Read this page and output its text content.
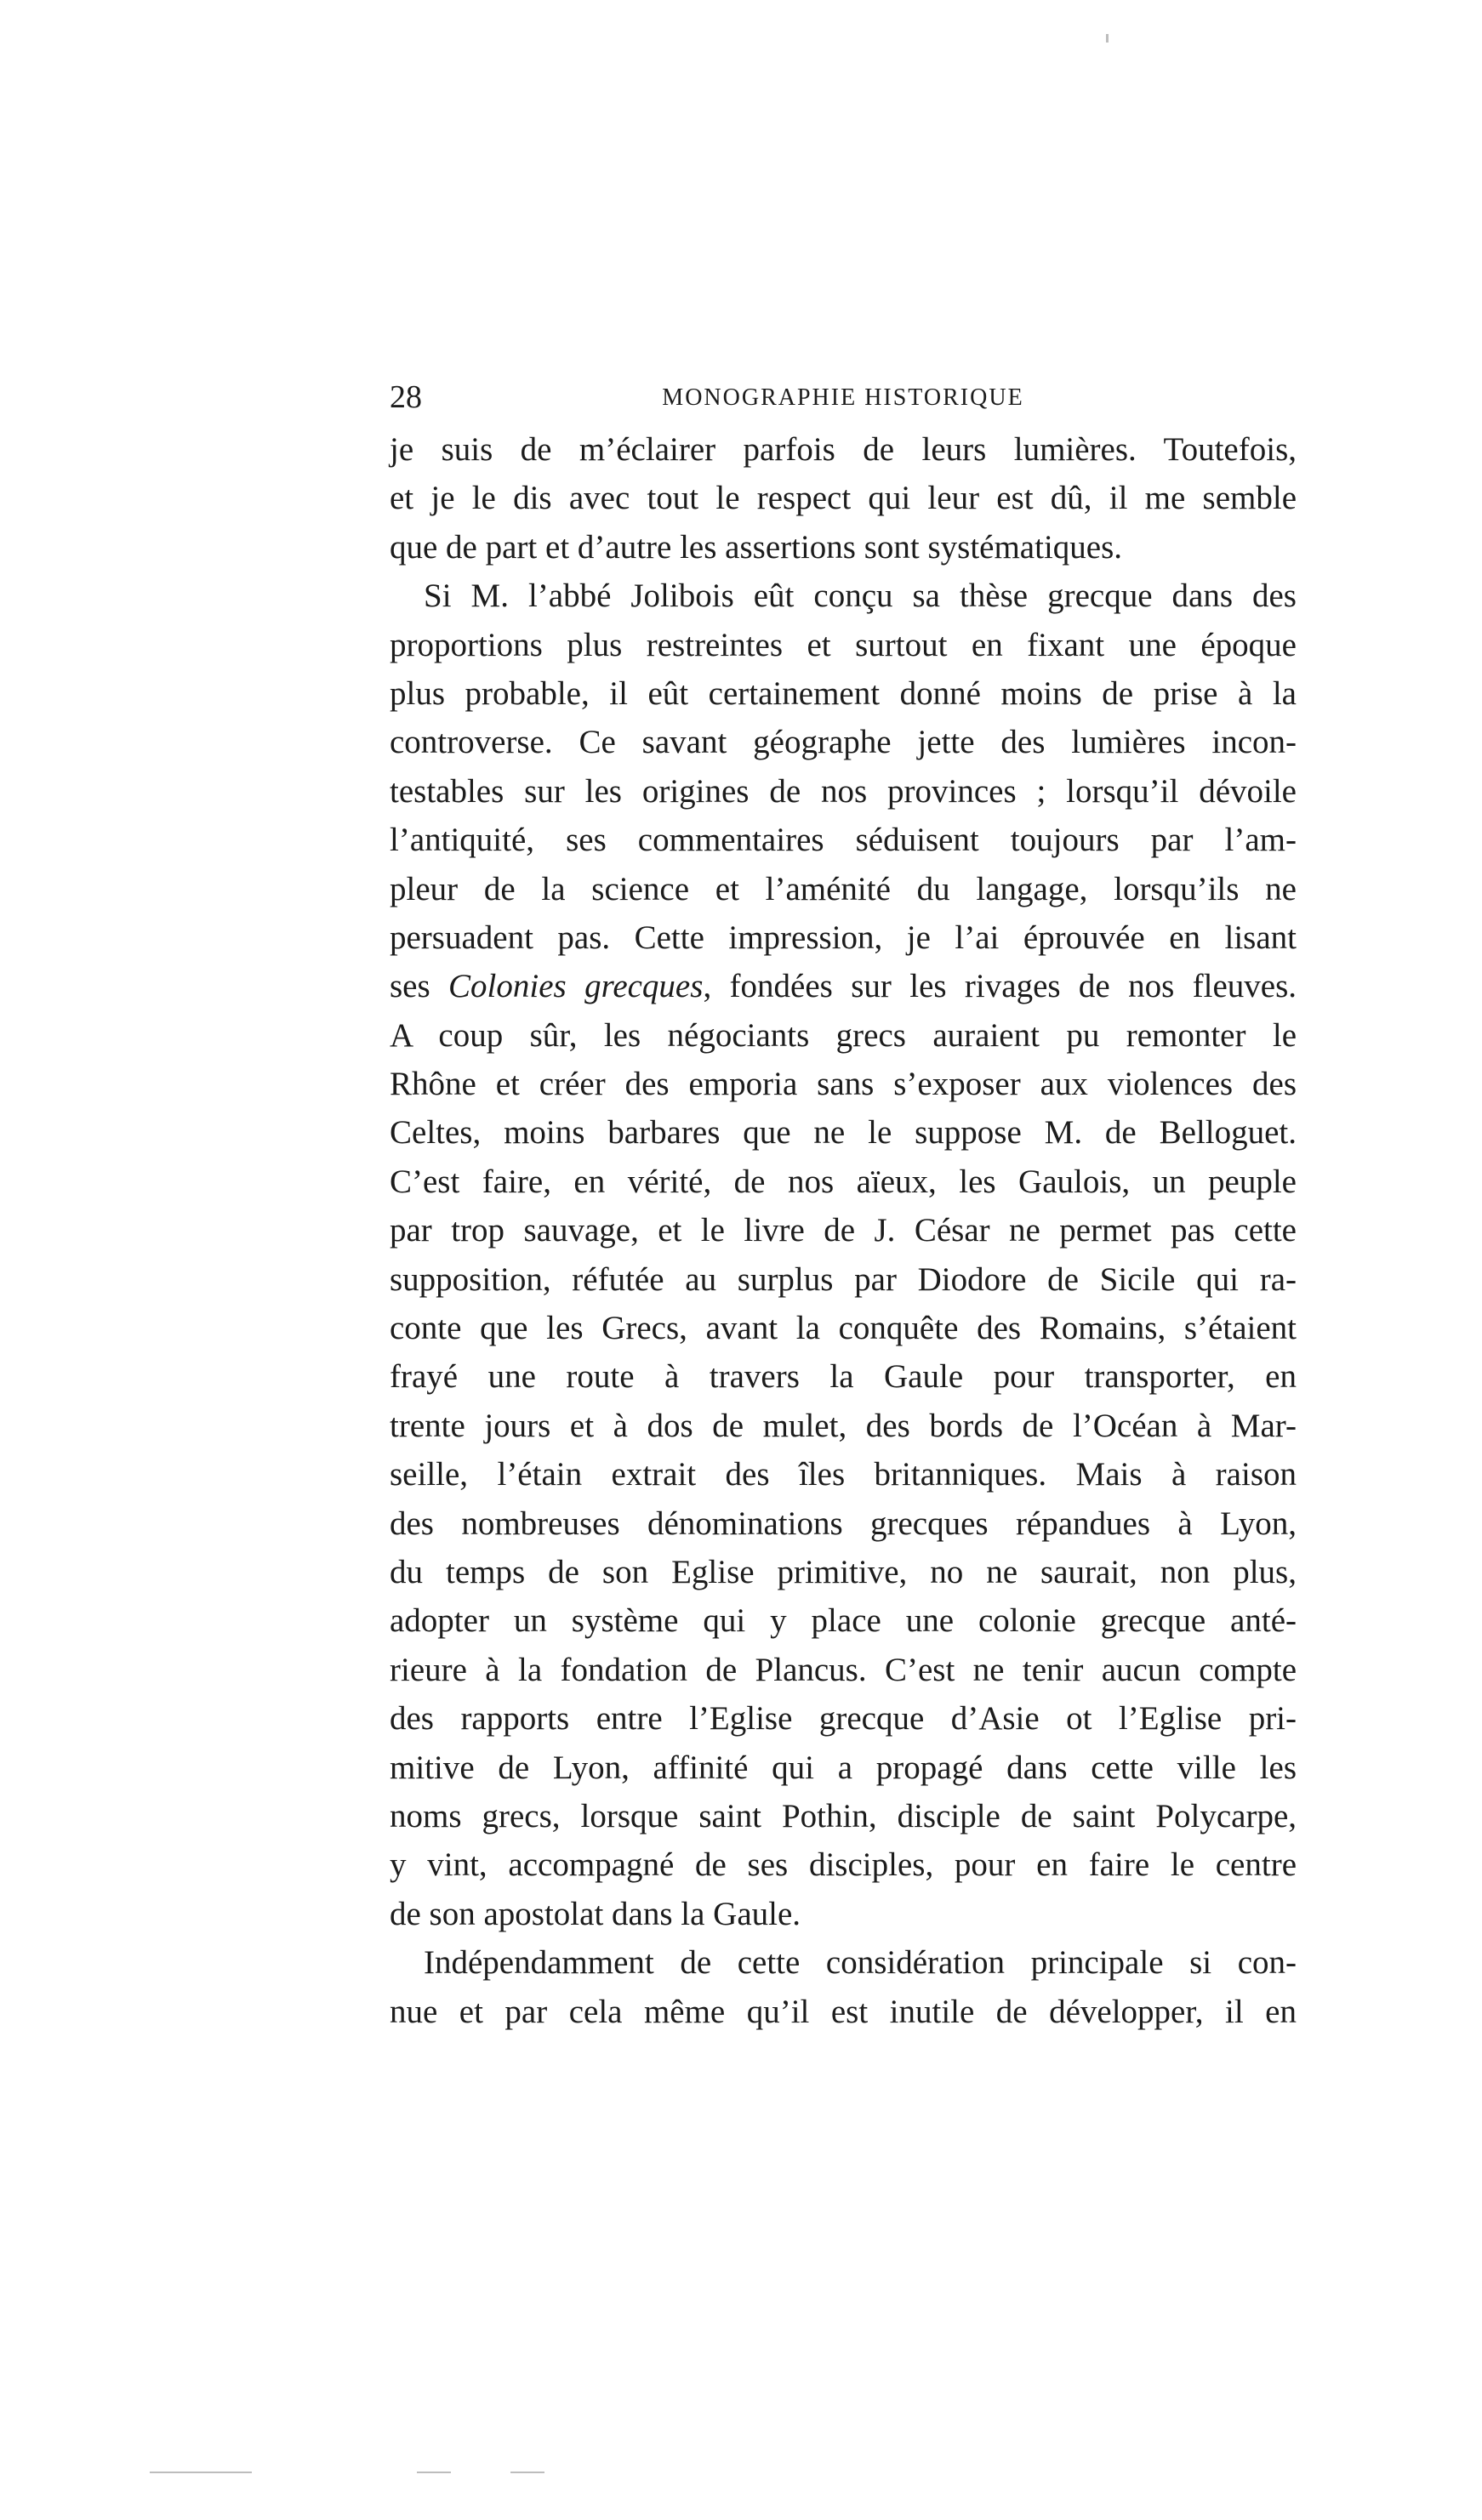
28	MONOGRAPHIE HISTORIQUE
je suis de m’éclairer parfois de leurs lumières. Toutefois,
et je le dis avec tout le respect qui leur est dû, il me semble
que de part et d’autre les assertions sont systématiques.
Si M. l’abbé Jolibois eût conçu sa thèse grecque dans des
proportions plus restreintes et surtout en fixant une époque
plus probable, il eût certainement donné moins de prise à la
controverse. Ce savant géographe jette des lumières incon-
testables sur les origines de nos provinces ; lorsqu’il dévoile
l’antiquité, ses commentaires séduisent toujours par l’am-
pleur de la science et l’aménité du langage, lorsqu’ils ne
persuadent pas. Cette impression, je l’ai éprouvée en lisant
ses Colonies grecques, fondées sur les rivages de nos fleuves.
A coup sûr, les négociants grecs auraient pu remonter le
Rhône et créer des emporia sans s’exposer aux violences des
Celtes, moins barbares que ne le suppose M. de Belloguet.
C’est faire, en vérité, de nos aïeux, les Gaulois, un peuple
par trop sauvage, et le livre de J. César ne permet pas cette
supposition, réfutée au surplus par Diodore de Sicile qui ra-
conte que les Grecs, avant la conquête des Romains, s’étaient
frayé une route à travers la Gaule pour transporter, en
trente jours et à dos de mulet, des bords de l’Océan à Mar-
seille, l’étain extrait des îles britanniques. Mais à raison
des nombreuses dénominations grecques répandues à Lyon,
du temps de son Eglise primitive, no ne saurait, non plus,
adopter un système qui y place une colonie grecque anté-
rieure à la fondation de Plancus. C’est ne tenir aucun compte
des rapports entre l’Eglise grecque d’Asie ot l’Eglise pri-
mitive de Lyon, affinité qui a propagé dans cette ville les
noms grecs, lorsque saint Pothin, disciple de saint Polycarpe,
y vint, accompagné de ses disciples, pour en faire le centre
de son apostolat dans la Gaule.
Indépendamment de cette considération principale si con-
nue et par cela même qu’il est inutile de développer, il en
